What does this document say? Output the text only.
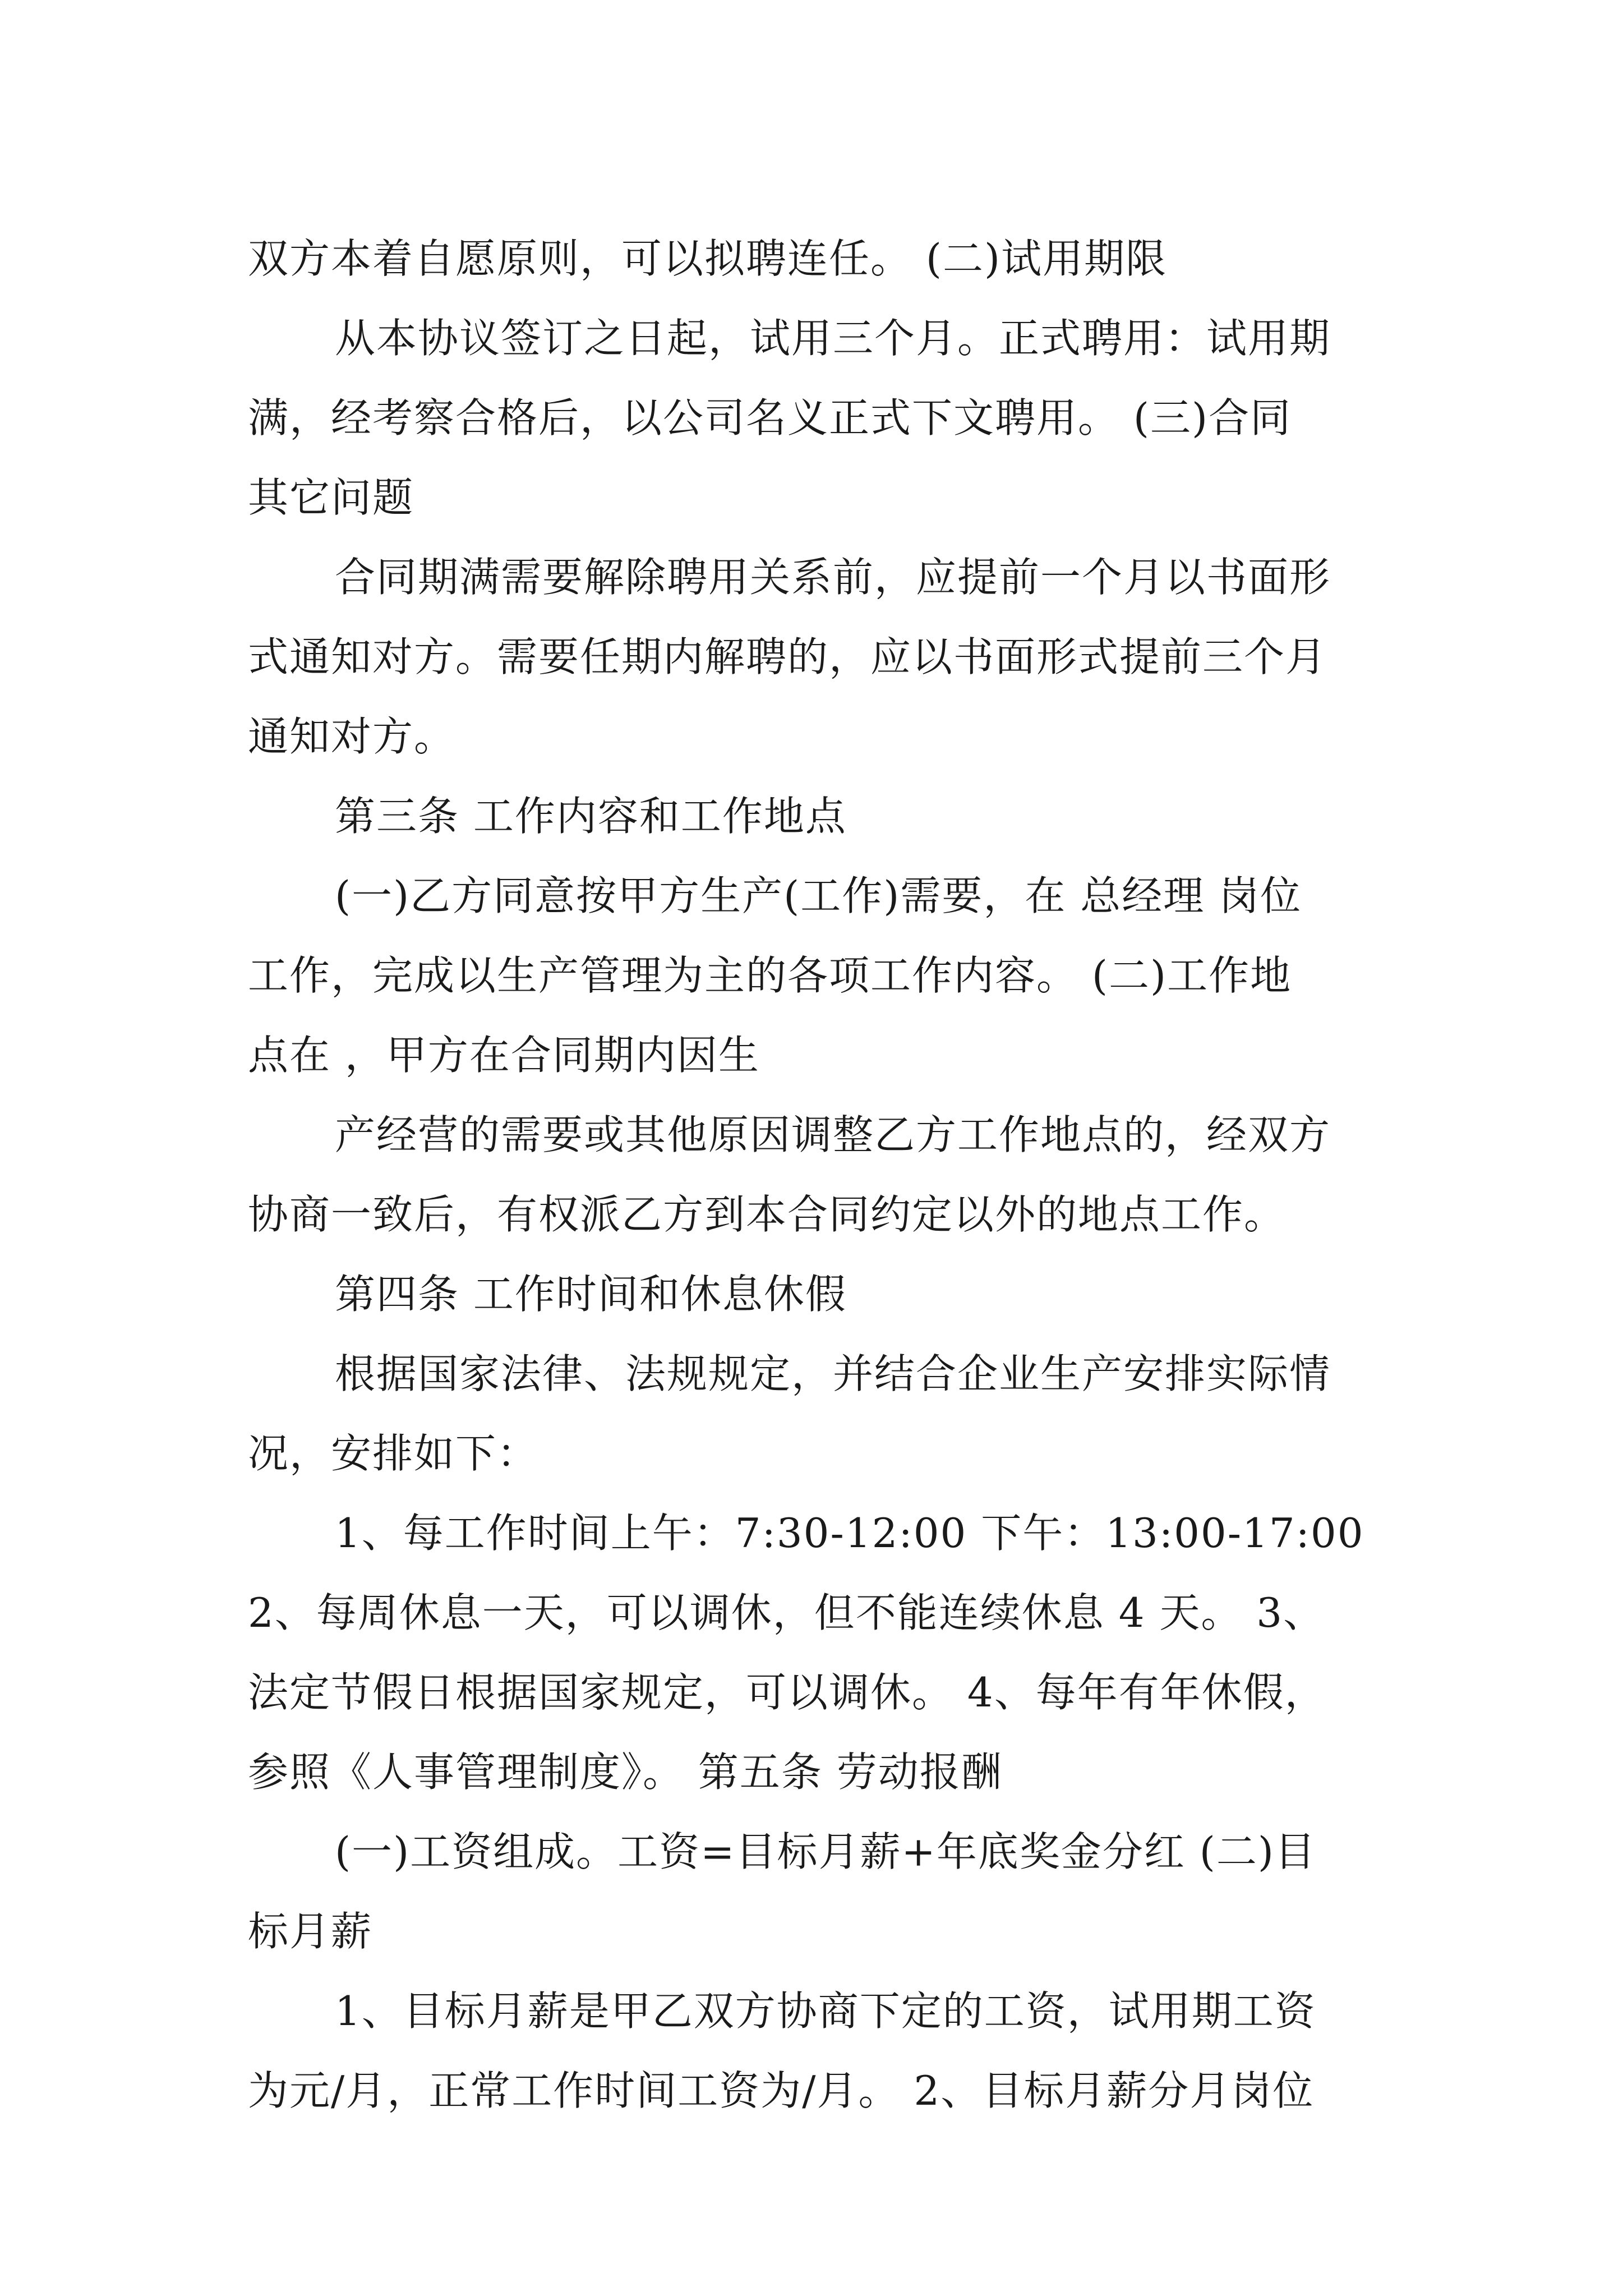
双方本着自愿原则，可以拟聘连任。 (二)试用期限
从本协议签订之日起，试用三个月。正式聘用：试用期
满，经考察合格后，以公司名义正式下文聘用。 (三)合同
其它问题
合同期满需要解除聘用关系前，应提前一个月以书面形
式通知对方。需要任期内解聘的，应以书面形式提前三个月
通知对方。
第三条 工作内容和工作地点
(一)乙方同意按甲方生产(工作)需要，在 总经理 岗位
工作，完成以生产管理为主的各项工作内容。 (二)工作地
点在 ，甲方在合同期内因生
产经营的需要或其他原因调整乙方工作地点的，经双方
协商一致后，有权派乙方到本合同约定以外的地点工作。
第四条 工作时间和休息休假
根据国家法律、法规规定，并结合企业生产安排实际情
况，安排如下：
1、每工作时间上午：7:30-12:00 下午：13:00-17:00
2、每周休息一天，可以调休，但不能连续休息 4 天。 3、
法定节假日根据国家规定，可以调休。 4、每年有年休假，
参照《人事管理制度》。 第五条 劳动报酬
(一)工资组成。工资=目标月薪+年底奖金分红 (二)目
标月薪
1、目标月薪是甲乙双方协商下定的工资，试用期工资
为元/月，正常工作时间工资为/月。 2、目标月薪分月岗位
